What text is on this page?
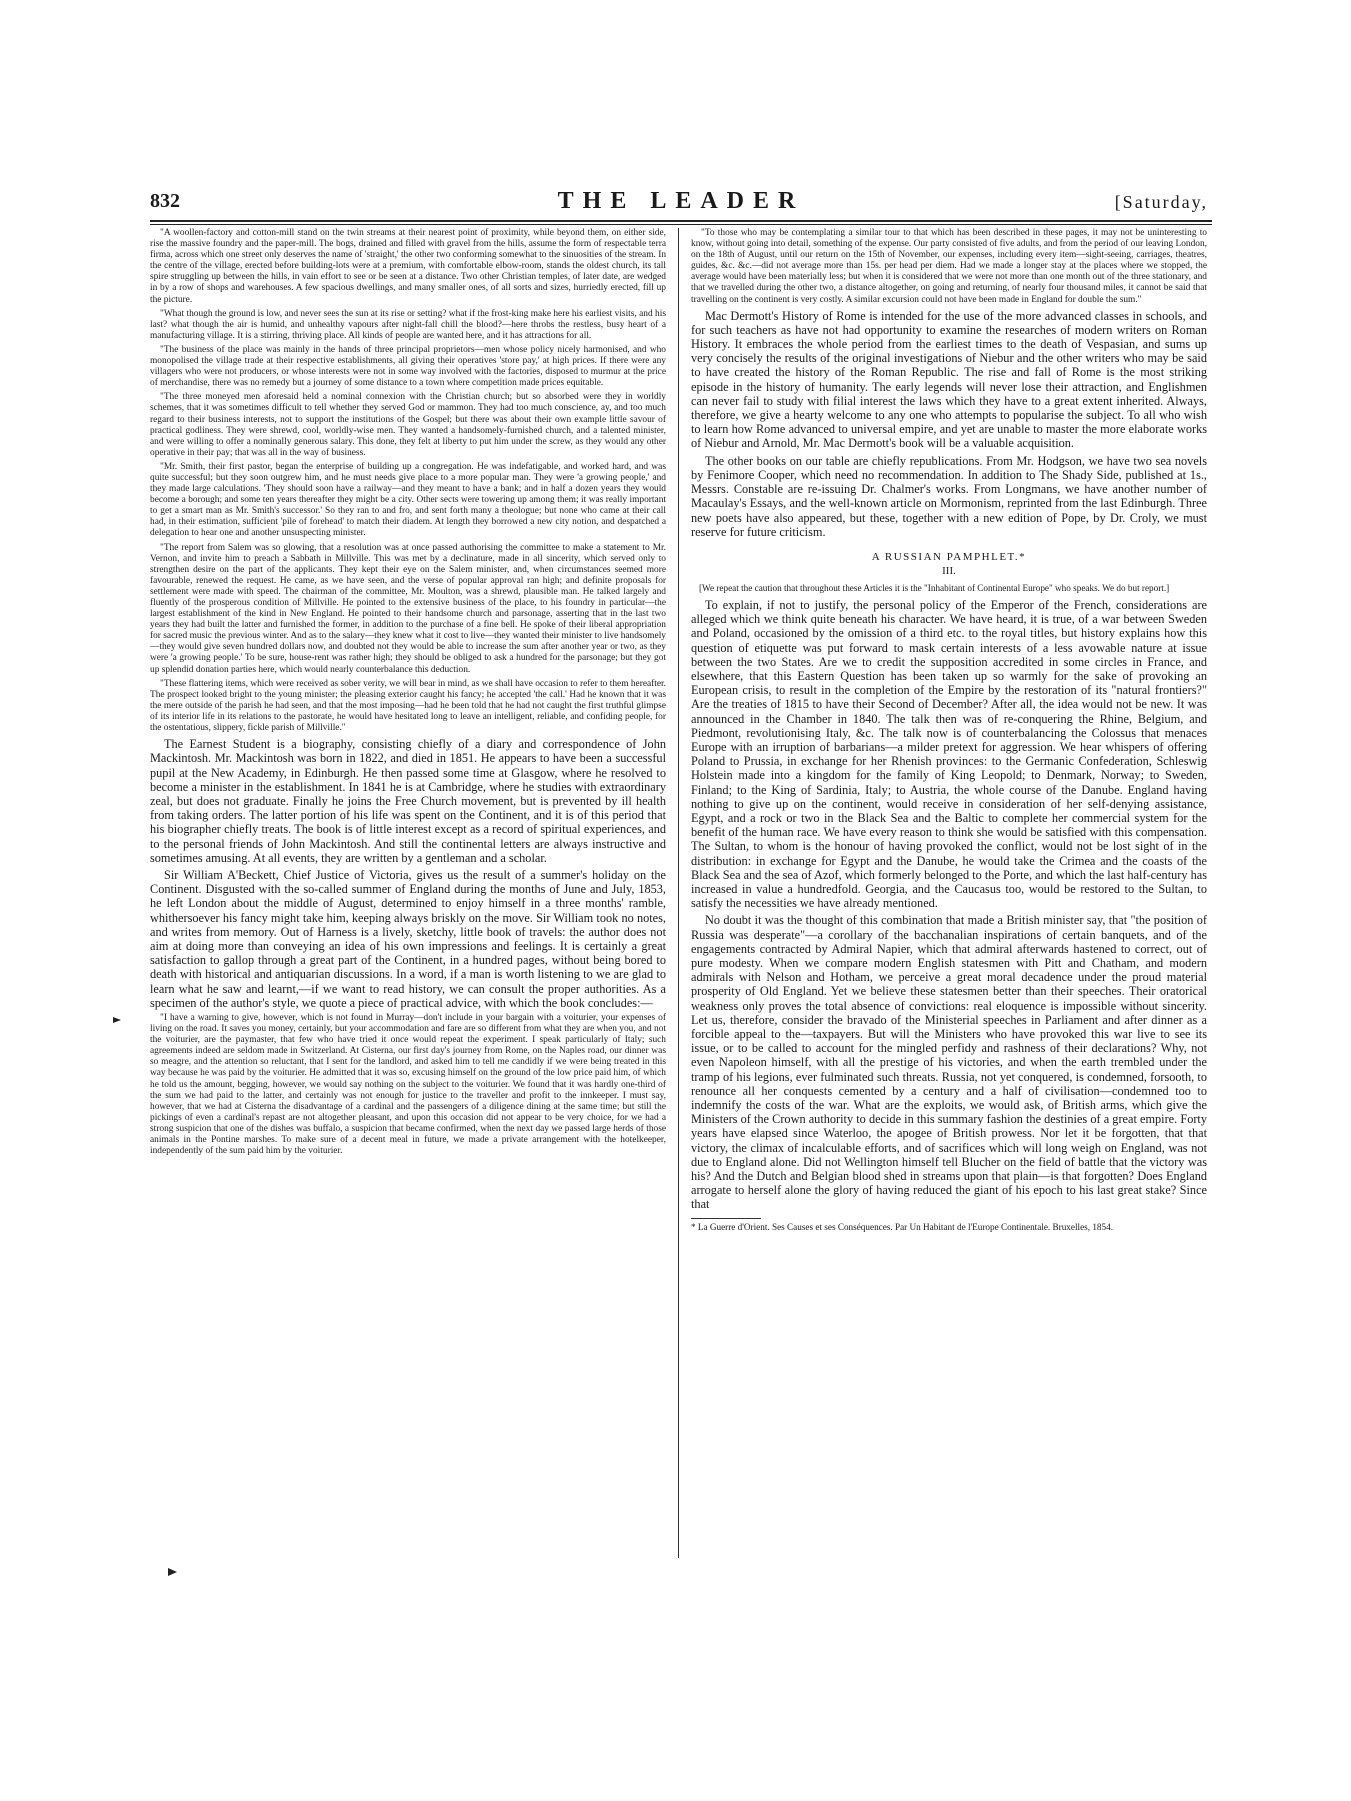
832	THE LEADER	[Saturday,

"A woollen-factory and cotton-mill stand on the twin streams at their nearest point of proximity, while beyond them, on either side, rise the massive foundry and the paper-mill. The bogs, drained and filled with gravel from the hills, assume the form of respectable terra firma, across which one street only deserves the name of 'straight,' the other two conforming somewhat to the sinuosities of the stream. In the centre of the village, erected before building-lots were at a premium, with comfortable elbow-room, stands the oldest church, its tall spire struggling up between the hills, in vain effort to see or be seen at a distance. Two other Christian temples, of later date, are wedged in by a row of shops and warehouses. A few spacious dwellings, and many smaller ones, of all sorts and sizes, hurriedly erected, fill up the picture.

"What though the ground is low, and never sees the sun at its rise or setting? what if the frost-king make here his earliest visits, and his last? what though the air is humid, and unhealthy vapours after night-fall chill the blood?—here throbs the restless, busy heart of a manufacturing village. It is a stirring, thriving place. All kinds of people are wanted here, and it has attractions for all.

"The business of the place was mainly in the hands of three principal proprietors—men whose policy nicely harmonised, and who monopolised the village trade at their respective establishments, all giving their operatives 'store pay,' at high prices. If there were any villagers who were not producers, or whose interests were not in some way involved with the factories, disposed to murmur at the price of merchandise, there was no remedy but a journey of some distance to a town where competition made prices equitable.

"The three moneyed men aforesaid held a nominal connexion with the Christian church; but so absorbed were they in worldly schemes, that it was sometimes difficult to tell whether they served God or mammon. They had too much conscience, ay, and too much regard to their business interests, not to support the institutions of the Gospel; but there was about their own example little savour of practical godliness. They were shrewd, cool, worldly-wise men. They wanted a handsomely-furnished church, and a talented minister, and were willing to offer a nominally generous salary. This done, they felt at liberty to put him under the screw, as they would any other operative in their pay; that was all in the way of business.

"Mr. Smith, their first pastor, began the enterprise of building up a congregation. He was indefatigable, and worked hard, and was quite successful; but they soon outgrew him, and he must needs give place to a more popular man. They were 'a growing people,' and they made large calculations. 'They should soon have a railway—and they meant to have a bank; and in half a dozen years they would become a borough; and some ten years thereafter they might be a city. Other sects were towering up among them; it was really important to get a smart man as Mr. Smith's successor.' So they ran to and fro, and sent forth many a theologue; but none who came at their call had, in their estimation, sufficient 'pile of forehead' to match their diadem. At length they borrowed a new city notion, and despatched a delegation to hear one and another unsuspecting minister.

"The report from Salem was so glowing, that a resolution was at once passed authorising the committee to make a statement to Mr. Vernon, and invite him to preach a Sabbath in Millville. This was met by a declinature, made in all sincerity, which served only to strengthen desire on the part of the applicants. They kept their eye on the Salem minister, and, when circumstances seemed more favourable, renewed the request. He came, as we have seen, and the verse of popular approval ran high; and definite proposals for settlement were made with speed. The chairman of the committee, Mr. Moulton, was a shrewd, plausible man. He talked largely and fluently of the prosperous condition of Millville. He pointed to the extensive business of the place, to his foundry in particular—the largest establishment of the kind in New England. He pointed to their handsome church and parsonage, asserting that in the last two years they had built the latter and furnished the former, in addition to the purchase of a fine bell. He spoke of their liberal appropriation for sacred music the previous winter. And as to the salary—they knew what it cost to live—they wanted their minister to live handsomely—they would give seven hundred dollars now, and doubted not they would be able to increase the sum after another year or two, as they were 'a growing people.' To be sure, house-rent was rather high; they should be obliged to ask a hundred for the parsonage; but they got up splendid donation parties here, which would nearly counterbalance this deduction.

"These flattering items, which were received as sober verity, we will bear in mind, as we shall have occasion to refer to them hereafter. The prospect looked bright to the young minister; the pleasing exterior caught his fancy; he accepted 'the call.' Had he known that it was the mere outside of the parish he had seen, and that the most imposing—had he been told that he had not caught the first truthful glimpse of its interior life in its relations to the pastorate, he would have hesitated long to leave an intelligent, reliable, and confiding people, for the ostentatious, slippery, fickle parish of Millville."

The Earnest Student is a biography, consisting chiefly of a diary and correspondence of John Mackintosh. Mr. Mackintosh was born in 1822, and died in 1851. He appears to have been a successful pupil at the New Academy, in Edinburgh. He then passed some time at Glasgow, where he resolved to become a minister in the establishment. In 1841 he is at Cambridge, where he studies with extraordinary zeal, but does not graduate. Finally he joins the Free Church movement, but is prevented by ill health from taking orders. The latter portion of his life was spent on the Continent, and it is of this period that his biographer chiefly treats. The book is of little interest except as a record of spiritual experiences, and to the personal friends of John Mackintosh. And still the continental letters are always instructive and sometimes amusing. At all events, they are written by a gentleman and a scholar.

Sir William A'Beckett, Chief Justice of Victoria, gives us the result of a summer's holiday on the Continent. Disgusted with the so-called summer of England during the months of June and July, 1853, he left London about the middle of August, determined to enjoy himself in a three months' ramble, whithersoever his fancy might take him, keeping always briskly on the move. Sir William took no notes, and writes from memory. Out of Harness is a lively, sketchy, little book of travels: the author does not aim at doing more than conveying an idea of his own impressions and feelings. It is certainly a great satisfaction to gallop through a great part of the Continent, in a hundred pages, without being bored to death with historical and antiquarian discussions. In a word, if a man is worth listening to we are glad to learn what he saw and learnt,—if we want to read history, we can consult the proper authorities. As a specimen of the author's style, we quote a piece of practical advice, with which the book concludes:—

"I have a warning to give, however, which is not found in Murray—don't include in your bargain with a voiturier, your expenses of living on the road. It saves you money, certainly, but your accommodation and fare are so different from what they are when you, and not the voiturier, are the paymaster, that few who have tried it once would repeat the experiment. I speak particularly of Italy; such agreements indeed are seldom made in Switzerland. At Cisterna, our first day's journey from Rome, on the Naples road, our dinner was so meagre, and the attention so reluctant, that I sent for the landlord, and asked him to tell me candidly if we were being treated in this way because he was paid by the voiturier. He admitted that it was so, excusing himself on the ground of the low price paid him, of which he told us the amount, begging, however, we would say nothing on the subject to the voiturier. We found that it was hardly one-third of the sum we had paid to the latter, and certainly was not enough for justice to the traveller and profit to the innkeeper. I must say, however, that we had at Cisterna the disadvantage of a cardinal and the passengers of a diligence dining at the same time; but still the pickings of even a cardinal's repast are not altogether pleasant, and upon this occasion did not appear to be very choice, for we had a strong suspicion that one of the dishes was buffalo, a suspicion that became confirmed, when the next day we passed large herds of those animals in the Pontine marshes. To make sure of a decent meal in future, we made a private arrangement with the hotelkeeper, independently of the sum paid him by the voiturier.

"To those who may be contemplating a similar tour to that which has been described in these pages, it may not be uninteresting to know, without going into detail, something of the expense. Our party consisted of five adults, and from the period of our leaving London, on the 18th of August, until our return on the 15th of November, our expenses, including every item—sight-seeing, carriages, theatres, guides, &c. &c.—did not average more than 15s. per head per diem. Had we made a longer stay at the places where we stopped, the average would have been materially less; but when it is considered that we were not more than one month out of the three stationary, and that we travelled during the other two, a distance altogether, on going and returning, of nearly four thousand miles, it cannot be said that travelling on the continent is very costly. A similar excursion could not have been made in England for double the sum."

Mac Dermott's History of Rome is intended for the use of the more advanced classes in schools, and for such teachers as have not had opportunity to examine the researches of modern writers on Roman History. It embraces the whole period from the earliest times to the death of Vespasian, and sums up very concisely the results of the original investigations of Niebur and the other writers who may be said to have created the history of the Roman Republic. The rise and fall of Rome is the most striking episode in the history of humanity. The early legends will never lose their attraction, and Englishmen can never fail to study with filial interest the laws which they have to a great extent inherited. Always, therefore, we give a hearty welcome to any one who attempts to popularise the subject. To all who wish to learn how Rome advanced to universal empire, and yet are unable to master the more elaborate works of Niebur and Arnold, Mr. Mac Dermott's book will be a valuable acquisition.

The other books on our table are chiefly republications. From Mr. Hodgson, we have two sea novels by Fenimore Cooper, which need no recommendation. In addition to The Shady Side, published at 1s., Messrs. Constable are re-issuing Dr. Chalmer's works. From Longmans, we have another number of Macaulay's Essays, and the well-known article on Mormonism, reprinted from the last Edinburgh. Three new poets have also appeared, but these, together with a new edition of Pope, by Dr. Croly, we must reserve for future criticism.

A RUSSIAN PAMPHLET.*
III.

[We repeat the caution that throughout these Articles it is the "Inhabitant of Continental Europe" who speaks. We do but report.]

To explain, if not to justify, the personal policy of the Emperor of the French, considerations are alleged which we think quite beneath his character. We have heard, it is true, of a war between Sweden and Poland, occasioned by the omission of a third etc. to the royal titles, but history explains how this question of etiquette was put forward to mask certain interests of a less avowable nature at issue between the two States. Are we to credit the supposition accredited in some circles in France, and elsewhere, that this Eastern Question has been taken up so warmly for the sake of provoking an European crisis, to result in the completion of the Empire by the restoration of its "natural frontiers?" Are the treaties of 1815 to have their Second of December? After all, the idea would not be new. It was announced in the Chamber in 1840. The talk then was of re-conquering the Rhine, Belgium, and Piedmont, revolutionising Italy, &c. The talk now is of counterbalancing the Colossus that menaces Europe with an irruption of barbarians—a milder pretext for aggression. We hear whispers of offering Poland to Prussia, in exchange for her Rhenish provinces: to the Germanic Confederation, Schleswig Holstein made into a kingdom for the family of King Leopold; to Denmark, Norway; to Sweden, Finland; to the King of Sardinia, Italy; to Austria, the whole course of the Danube. England having nothing to give up on the continent, would receive in consideration of her self-denying assistance, Egypt, and a rock or two in the Black Sea and the Baltic to complete her commercial system for the benefit of the human race. We have every reason to think she would be satisfied with this compensation. The Sultan, to whom is the honour of having provoked the conflict, would not be lost sight of in the distribution: in exchange for Egypt and the Danube, he would take the Crimea and the coasts of the Black Sea and the sea of Azof, which formerly belonged to the Porte, and which the last half-century has increased in value a hundredfold. Georgia, and the Caucasus too, would be restored to the Sultan, to satisfy the necessities we have already mentioned.

No doubt it was the thought of this combination that made a British minister say, that "the position of Russia was desperate"—a corollary of the bacchanalian inspirations of certain banquets, and of the engagements contracted by Admiral Napier, which that admiral afterwards hastened to correct, out of pure modesty. When we compare modern English statesmen with Pitt and Chatham, and modern admirals with Nelson and Hotham, we perceive a great moral decadence under the proud material prosperity of Old England. Yet we believe these statesmen better than their speeches. Their oratorical weakness only proves the total absence of convictions: real eloquence is impossible without sincerity. Let us, therefore, consider the bravado of the Ministerial speeches in Parliament and after dinner as a forcible appeal to the—taxpayers. But will the Ministers who have provoked this war live to see its issue, or to be called to account for the mingled perfidy and rashness of their declarations? Why, not even Napoleon himself, with all the prestige of his victories, and when the earth trembled under the tramp of his legions, ever fulminated such threats. Russia, not yet conquered, is condemned, forsooth, to renounce all her conquests cemented by a century and a half of civilisation—condemned too to indemnify the costs of the war. What are the exploits, we would ask, of British arms, which give the Ministers of the Crown authority to decide in this summary fashion the destinies of a great empire. Forty years have elapsed since Waterloo, the apogee of British prowess. Nor let it be forgotten, that that victory, the climax of incalculable efforts, and of sacrifices which will long weigh on England, was not due to England alone. Did not Wellington himself tell Blucher on the field of battle that the victory was his? And the Dutch and Belgian blood shed in streams upon that plain—is that forgotten? Does England arrogate to herself alone the glory of having reduced the giant of his epoch to his last great stake? Since that

* La Guerre d'Orient. Ses Causes et ses Conséquences. Par Un Habitant de l'Europe Continentale. Bruxelles, 1854.
